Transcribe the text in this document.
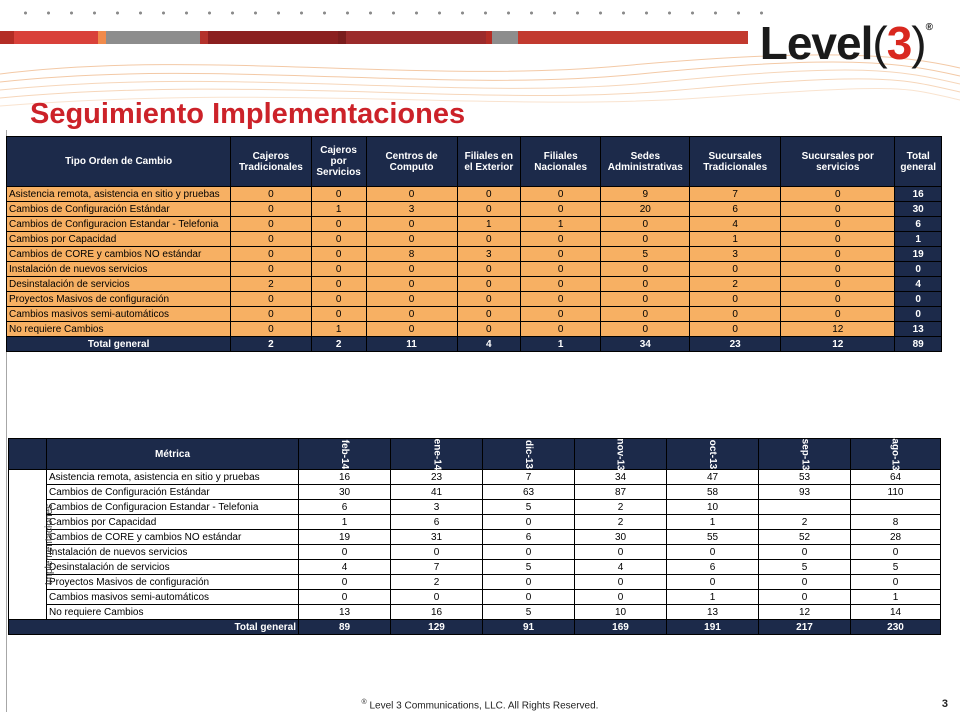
Level(3)®
Seguimiento Implementaciones
Tipo Orden de Cambio	Cajeros Tradicionales	Cajeros por Servicios	Centros de Computo	Filiales en el Exterior	Filiales Nacionales	Sedes Administrativas	Sucursales Tradicionales	Sucursales por servicios	Total general
Asistencia remota, asistencia en sitio y pruebas	0	0	0	0	0	9	7	0	16
Cambios de Configuración Estándar	0	1	3	0	0	20	6	0	30
Cambios de Configuracion Estandar - Telefonia	0	0	0	1	1	0	4	0	6
Cambios por Capacidad	0	0	0	0	0	0	1	0	1
Cambios de CORE y cambios NO estándar	0	0	8	3	0	5	3	0	19
Instalación de nuevos servicios	0	0	0	0	0	0	0	0	0
Desinstalación de servicios	2	0	0	0	0	0	2	0	4
Proyectos Masivos de configuración	0	0	0	0	0	0	0	0	0
Cambios masivos semi-automáticos	0	0	0	0	0	0	0	0	0
No requiere Cambios	0	1	0	0	0	0	0	12	13
Total general	2	2	11	4	1	34	23	12	89
	Métrica	feb-14	ene-14	dic-13	nov-13	oct-13	sep-13	ago-13
Implementaciones	Asistencia remota, asistencia en sitio y pruebas	16	23	7	34	47	53	64
	Cambios de Configuración Estándar	30	41	63	87	58	93	110
	Cambios de Configuracion Estandar - Telefonia	6	3	5	2	10		
	Cambios por Capacidad	1	6	0	2	1	2	8
	Cambios de CORE y cambios NO estándar	19	31	6	30	55	52	28
	Instalación de nuevos servicios	0	0	0	0	0	0	0
	Desinstalación de servicios	4	7	5	4	6	5	5
	Proyectos Masivos de configuración	0	2	0	0	0	0	0
	Cambios masivos semi-automáticos	0	0	0	0	1	0	1
	No requiere Cambios	13	16	5	10	13	12	14
Total general		89	129	91	169	191	217	230
® Level 3 Communications, LLC. All Rights Reserved.	3
